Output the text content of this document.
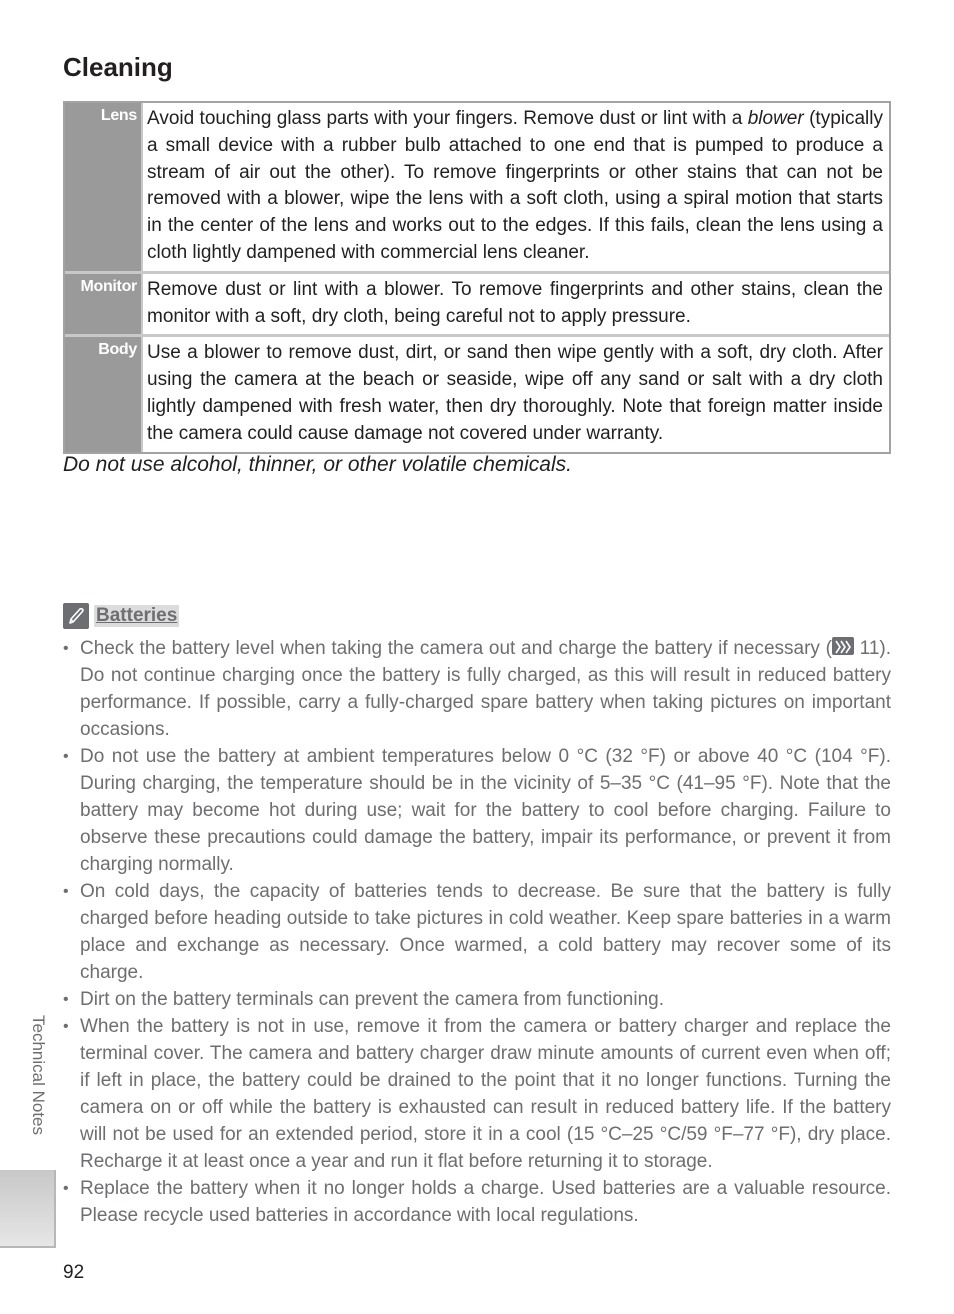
Cleaning
Lens	Avoid touching glass parts with your fingers. Remove dust or lint with a blower (typically a small device with a rubber bulb attached to one end that is pumped to produce a stream of air out the other). To remove fingerprints or other stains that can not be removed with a blower, wipe the lens with a soft cloth, using a spiral motion that starts in the center of the lens and works out to the edges. If this fails, clean the lens using a cloth lightly dampened with commercial lens cleaner.
Monitor	Remove dust or lint with a blower. To remove fingerprints and other stains, clean the monitor with a soft, dry cloth, being careful not to apply pressure.
Body	Use a blower to remove dust, dirt, or sand then wipe gently with a soft, dry cloth. After using the camera at the beach or seaside, wipe off any sand or salt with a dry cloth lightly dampened with fresh water, then dry thoroughly. Note that foreign matter inside the camera could cause damage not covered under warranty.

Do not use alcohol, thinner, or other volatile chemicals.

Batteries
• Check the battery level when taking the camera out and charge the battery if necessary ( 11). Do not continue charging once the battery is fully charged, as this will result in reduced battery performance. If possible, carry a fully-charged spare battery when taking pictures on important occasions.
• Do not use the battery at ambient temperatures below 0 °C (32 °F) or above 40 °C (104 °F). During charging, the temperature should be in the vicinity of 5–35 °C (41–95 °F). Note that the battery may become hot during use; wait for the battery to cool before charging. Failure to observe these precautions could damage the battery, impair its performance, or prevent it from charging normally.
• On cold days, the capacity of batteries tends to decrease. Be sure that the battery is fully charged before heading outside to take pictures in cold weather. Keep spare batteries in a warm place and exchange as necessary. Once warmed, a cold battery may recover some of its charge.
• Dirt on the battery terminals can prevent the camera from functioning.
• When the battery is not in use, remove it from the camera or battery charger and replace the terminal cover. The camera and battery charger draw minute amounts of current even when off; if left in place, the battery could be drained to the point that it no longer functions. Turning the camera on or off while the battery is exhausted can result in reduced battery life. If the battery will not be used for an extended period, store it in a cool (15 °C–25 °C/59 °F–77 °F), dry place. Recharge it at least once a year and run it flat before returning it to storage.
• Replace the battery when it no longer holds a charge. Used batteries are a valuable resource. Please recycle used batteries in accordance with local regulations.
Technical Notes
92
